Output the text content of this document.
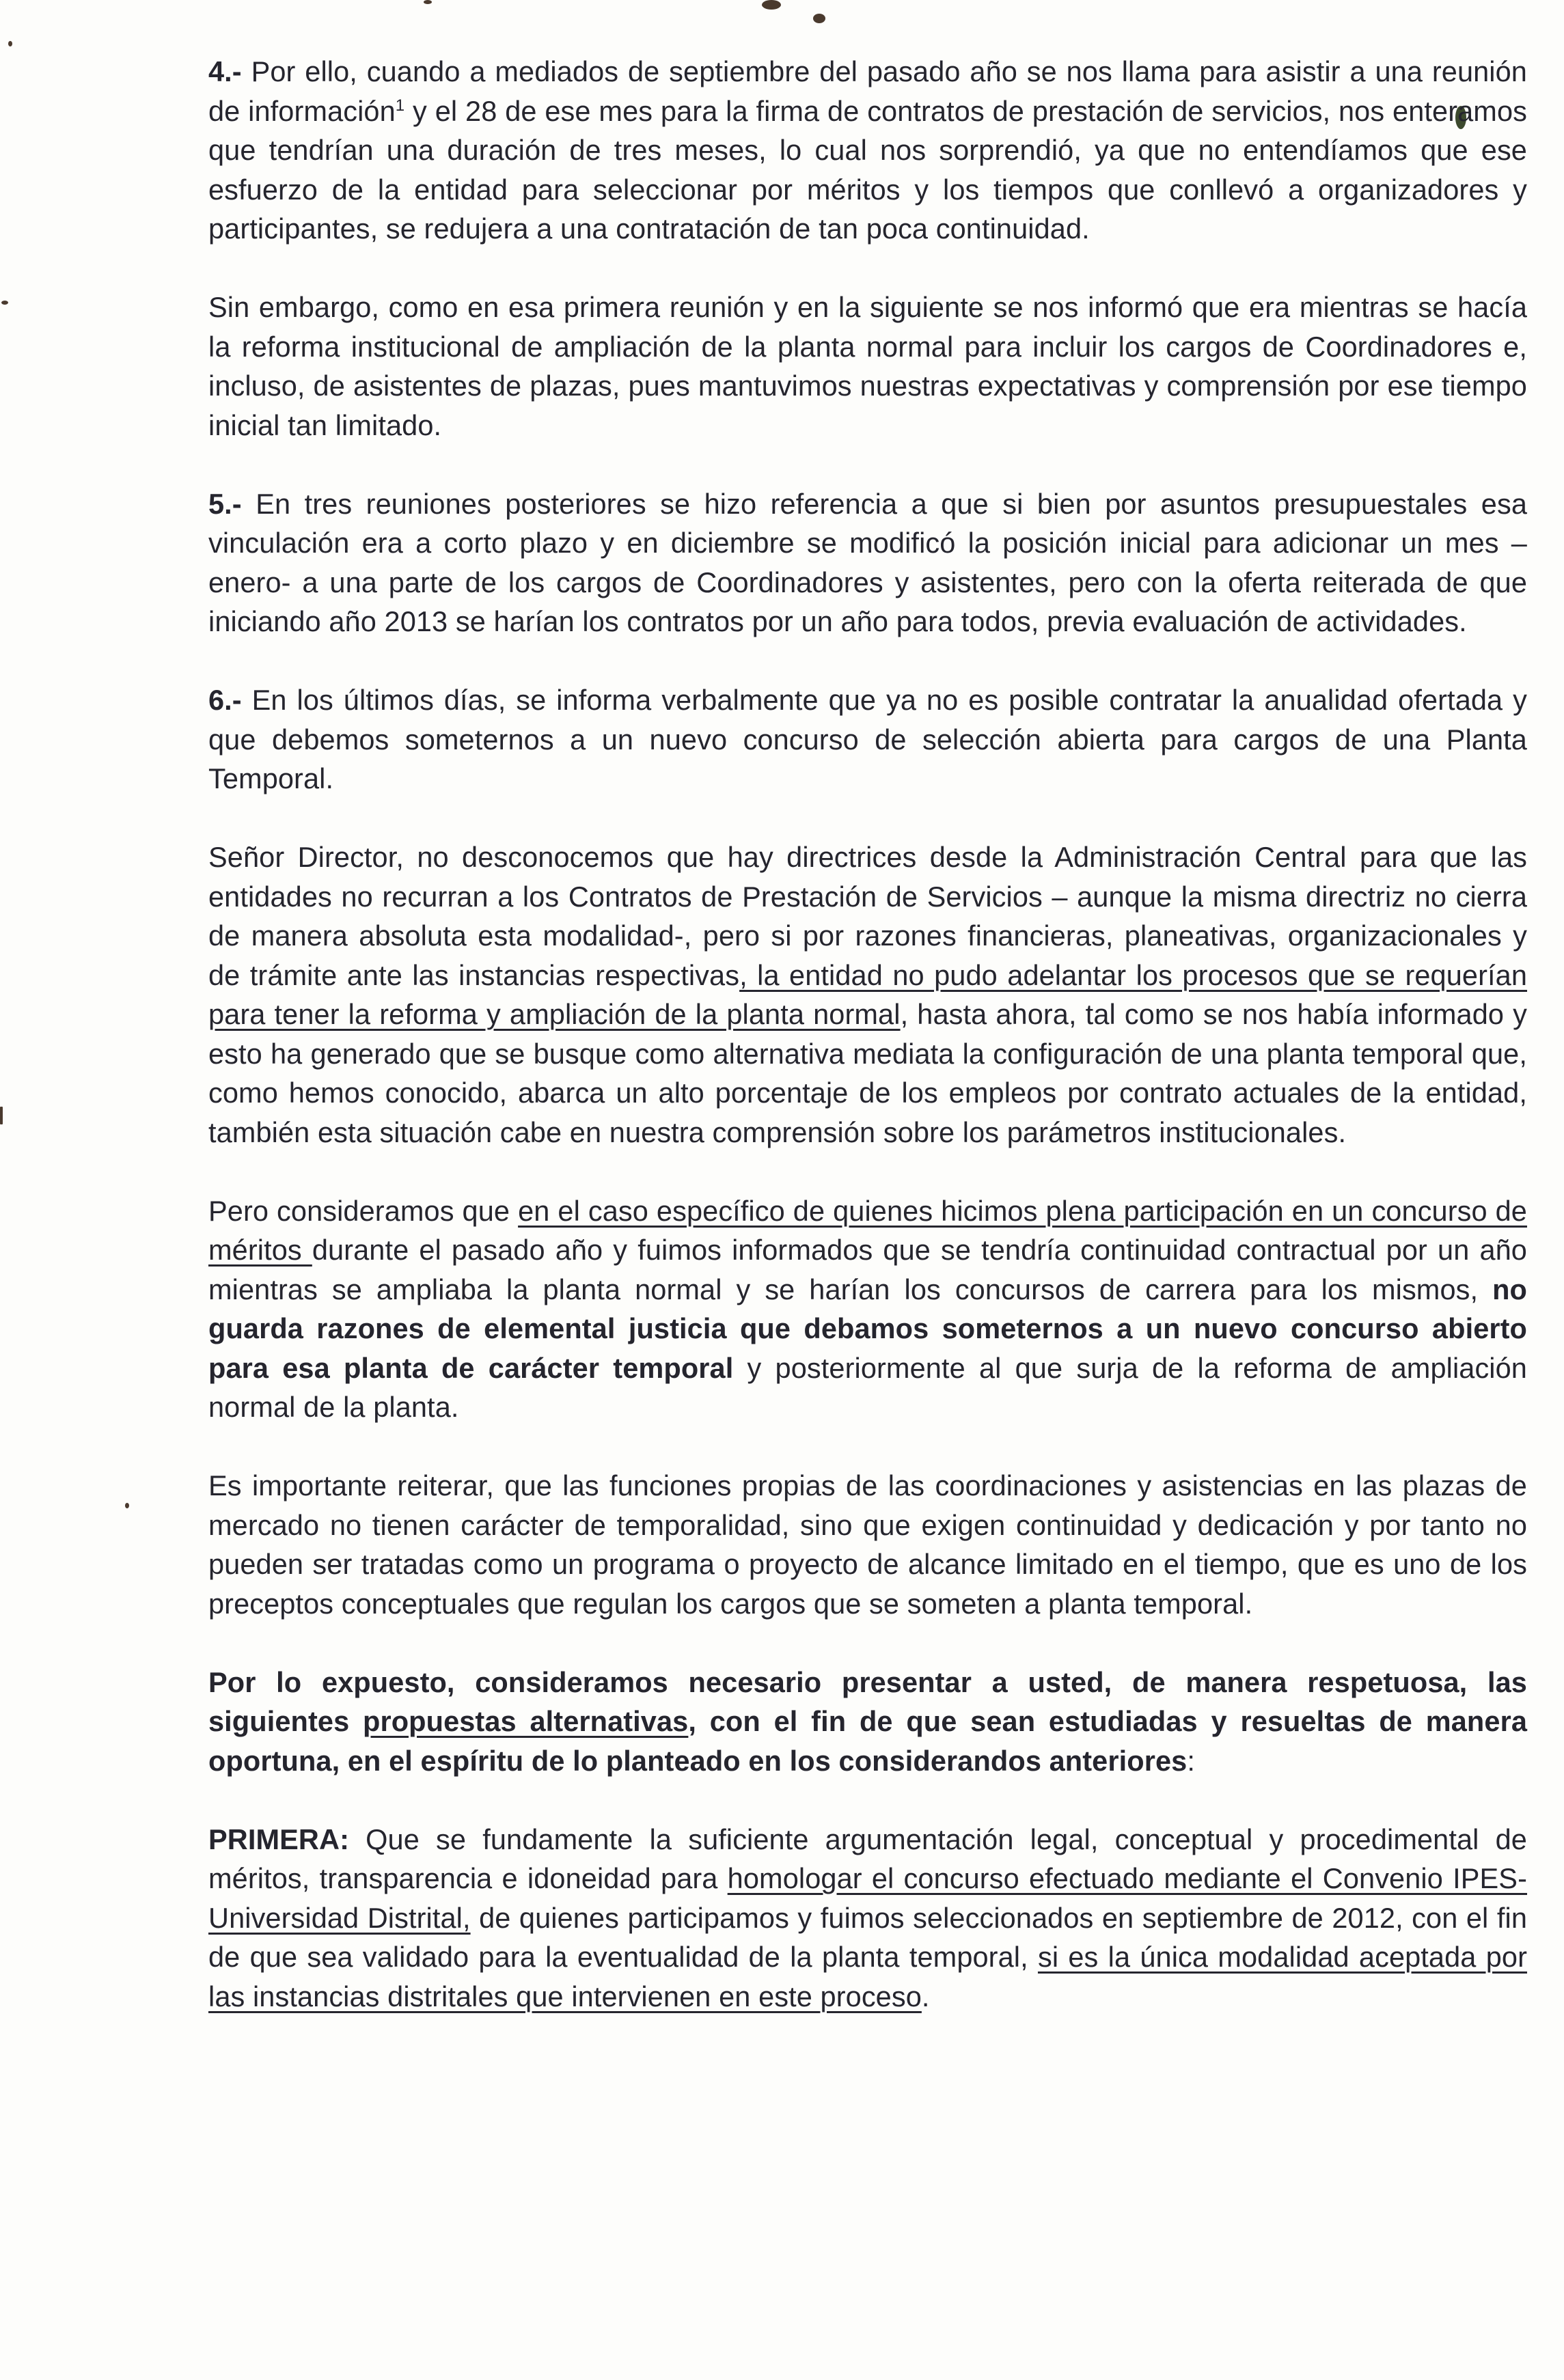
4.- Por ello, cuando a mediados de septiembre del pasado año se nos llama para asistir a una reunión de información$^1$ y el 28 de ese mes para la firma de contratos de prestación de servicios, nos enteramos que tendrían una duración de tres meses, lo cual nos sorprendió, ya que no entendíamos que ese esfuerzo de la entidad para seleccionar por méritos y los tiempos que conllevó a organizadores y participantes, se redujera a una contratación de tan poca continuidad.

Sin embargo, como en esa primera reunión y en la siguiente se nos informó que era mientras se hacía la reforma institucional de ampliación de la planta normal para incluir los cargos de Coordinadores e, incluso, de asistentes de plazas, pues mantuvimos nuestras expectativas y comprensión por ese tiempo inicial tan limitado.

5.- En tres reuniones posteriores se hizo referencia a que si bien por asuntos presupuestales esa vinculación era a corto plazo y en diciembre se modificó la posición inicial para adicionar un mes –enero- a una parte de los cargos de Coordinadores y asistentes, pero con la oferta reiterada de que iniciando año 2013 se harían los contratos por un año para todos, previa evaluación de actividades.

6.- En los últimos días, se informa verbalmente que ya no es posible contratar la anualidad ofertada y que debemos someternos a un nuevo concurso de selección abierta para cargos de una Planta Temporal.

Señor Director, no desconocemos que hay directrices desde la Administración Central para que las entidades no recurran a los Contratos de Prestación de Servicios – aunque la misma directriz no cierra de manera absoluta esta modalidad-, pero si por razones financieras, planeativas, organizacionales y de trámite ante las instancias respectivas, la entidad no pudo adelantar los procesos que se requerían para tener la reforma y ampliación de la planta normal, hasta ahora, tal como se nos había informado y esto ha generado que se busque como alternativa mediata la configuración de una planta temporal que, como hemos conocido, abarca un alto porcentaje de los empleos por contrato actuales de la entidad, también esta situación cabe en nuestra comprensión sobre los parámetros institucionales.

Pero consideramos que en el caso específico de quienes hicimos plena participación en un concurso de méritos durante el pasado año y fuimos informados que se tendría continuidad contractual por un año mientras se ampliaba la planta normal y se harían los concursos de carrera para los mismos, no guarda razones de elemental justicia que debamos someternos a un nuevo concurso abierto para esa planta de carácter temporal y posteriormente al que surja de la reforma de ampliación normal de la planta.

Es importante reiterar, que las funciones propias de las coordinaciones y asistencias en las plazas de mercado no tienen carácter de temporalidad, sino que exigen continuidad y dedicación y por tanto no pueden ser tratadas como un programa o proyecto de alcance limitado en el tiempo, que es uno de los preceptos conceptuales que regulan los cargos que se someten a planta temporal.

Por lo expuesto, consideramos necesario presentar a usted, de manera respetuosa, las siguientes propuestas alternativas, con el fin de que sean estudiadas y resueltas de manera oportuna, en el espíritu de lo planteado en los considerandos anteriores:

PRIMERA: Que se fundamente la suficiente argumentación legal, conceptual y procedimental de méritos, transparencia e idoneidad para homologar el concurso efectuado mediante el Convenio IPES-Universidad Distrital, de quienes participamos y fuimos seleccionados en septiembre de 2012, con el fin de que sea validado para la eventualidad de la planta temporal, si es la única modalidad aceptada por las instancias distritales que intervienen en este proceso.
